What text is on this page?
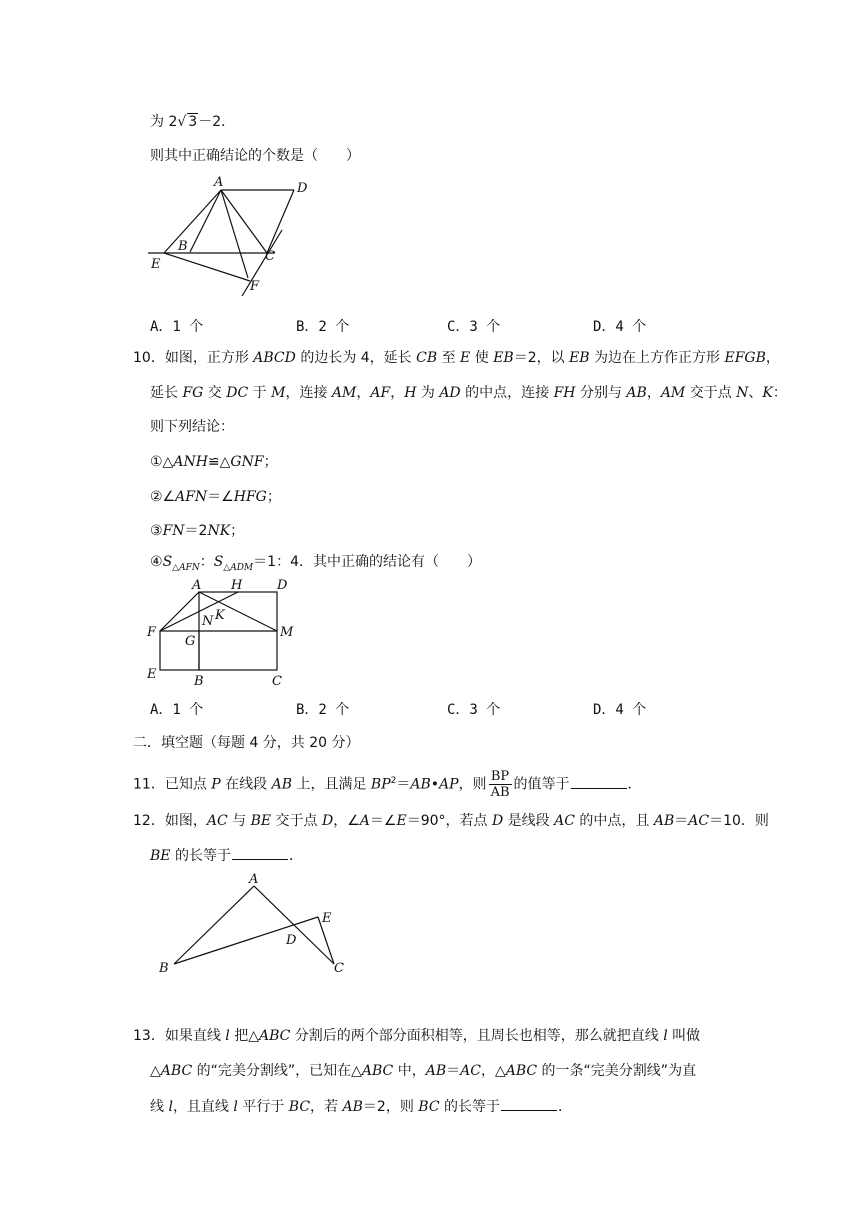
为 2√ 3－2．
则其中正确结论的个数是（　　）
A	D
B
C
E
F
A．1 个	B．2 个	C．3 个	D．4 个
10．如图，正方形 ABCD 的边长为 4，延长 CB 至 E 使 EB＝2，以 EB 为边在上方作正方形 EFGB，
延长 FG 交 DC 于 M，连接 AM，AF，H 为 AD 的中点，连接 FH 分别与 AB，AM 交于点 N、K：
则下列结论：
①△ANH≌△GNF；
②∠AFN＝∠HFG；
③FN＝2NK；
$④S_{\triangle AFN}$：$S_{\triangle ADM}=1$：4．其中正确的结论有（　　）
A H	D
N K
F
G
M
E	B	C
A．1 个	B．2 个	C．3 个	D．4 个
二．填空题（每题 4 分，共 20 分）
11．已知点 P 在线段 AB 上，且满足 $BP^2=AB•AP$，则 $\frac{BP}{AB}$ 的值等于	．
12．如图，AC 与 BE 交于点 D，∠A＝∠E＝90°，若点 D 是线段 AC 的中点，且 AB＝AC＝10．则
BE 的长等于	．
A
B
D
E
C
13．如果直线 l 把△ABC 分割后的两个部分面积相等，且周长也相等，那么就把直线 l 叫做
△ABC 的“完美分割线”，已知在△ABC 中，AB＝AC，△ABC 的一条“完美分割线”为直
线 l，且直线 l 平行于 BC，若 AB＝2，则 BC 的长等于	．
